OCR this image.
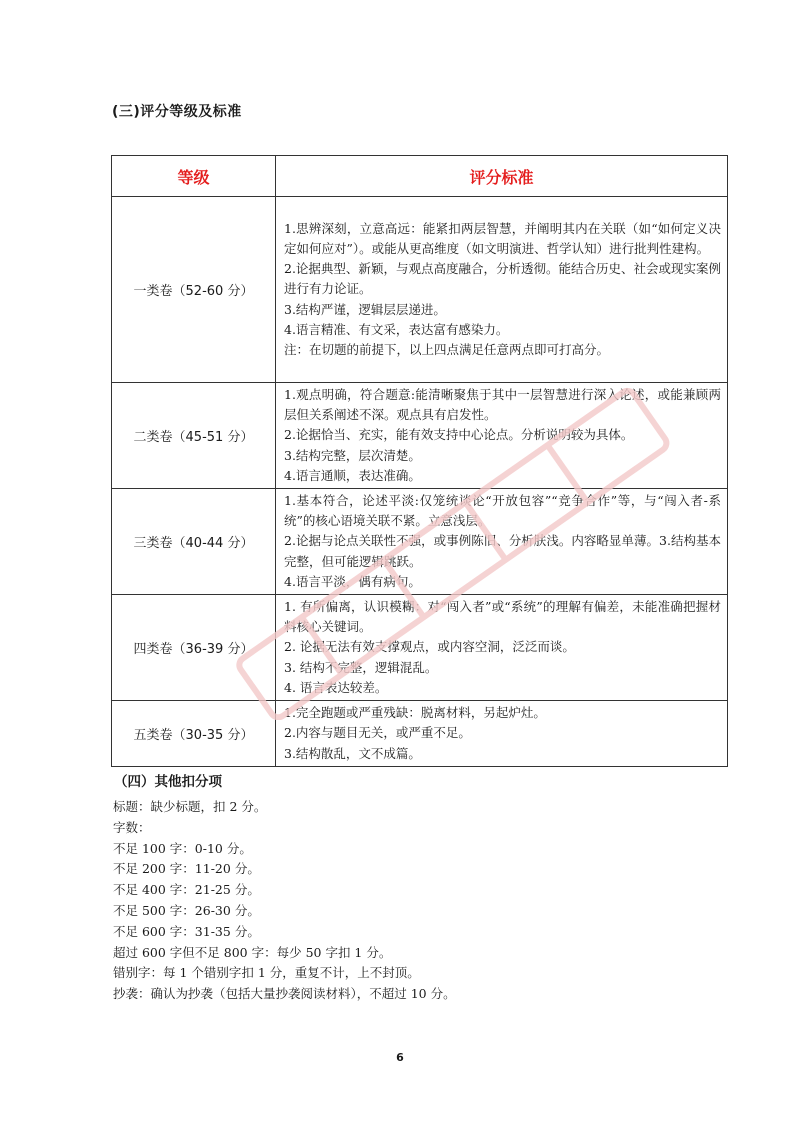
(三)评分等级及标准
等级	评分标准
一类卷（52-60 分）	1.思辨深刻，立意高远：能紧扣两层智慧，并阐明其内在关联（如“如何定义决定如何应对”）。或能从更高维度（如文明演进、哲学认知）进行批判性建构。
2.论据典型、新颖，与观点高度融合，分析透彻。能结合历史、社会或现实案例进行有力论证。
3.结构严谨，逻辑层层递进。
4.语言精准、有文采，表达富有感染力。
注：在切题的前提下，以上四点满足任意两点即可打高分。

二类卷（45-51 分）	1.观点明确，符合题意:能清晰聚焦于其中一层智慧进行深入论述，或能兼顾两层但关系阐述不深。观点具有启发性。
2.论据恰当、充实，能有效支持中心论点。分析说明较为具体。
3.结构完整，层次清楚。
4.语言通顺，表达准确。

三类卷（40-44 分）	1.基本符合，论述平淡:仅笼统谈论“开放包容”“竞争合作”等，与“闯入者-系统”的核心语境关联不紧。立意浅层。
2.论据与论点关联性不强，或事例陈旧、分析肤浅。内容略显单薄。3.结构基本完整，但可能逻辑跳跃。
4.语言平淡，偶有病句。

四类卷（36-39 分）	1. 有所偏离，认识模糊：对“闯入者”或“系统”的理解有偏差，未能准确把握材料核心关键词。
2. 论据无法有效支撑观点，或内容空洞，泛泛而谈。
3. 结构不完整，逻辑混乱。
4. 语言表达较差。

五类卷（30-35 分）	1.完全跑题或严重残缺：脱离材料，另起炉灶。
2.内容与题目无关，或严重不足。
3.结构散乱，文不成篇。
（四）其他扣分项
标题：缺少标题，扣 2 分。
字数：
不足 100 字：0-10 分。
不足 200 字：11-20 分。
不足 400 字：21-25 分。
不足 500 字：26-30 分。
不足 600 字：31-35 分。
超过 600 字但不足 800 字：每少 50 字扣 1 分。
错别字：每 1 个错别字扣 1 分，重复不计，上不封顶。
抄袭：确认为抄袭（包括大量抄袭阅读材料），不超过 10 分。
6
